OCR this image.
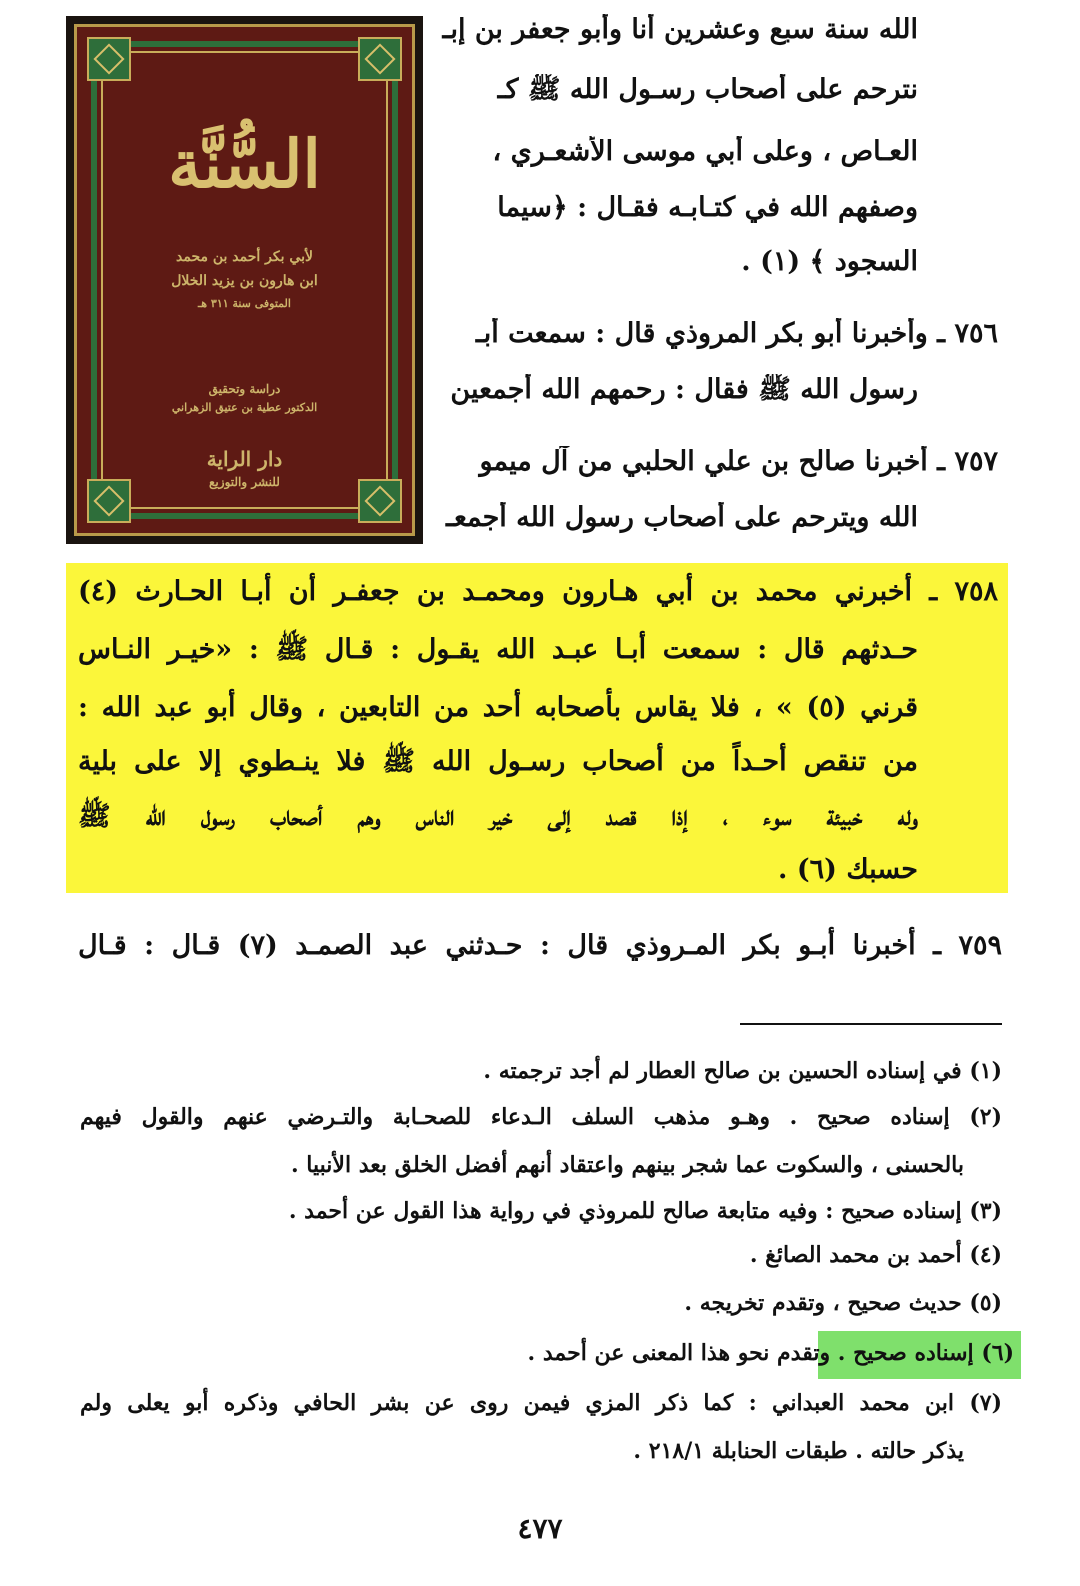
السُّنَّة
لأبي بكر أحمد بن محمد
ابن هارون بن يزيد الخلال
المتوفى سنة ٣١١ هـ
دراسة وتحقيق
الدكتور عطية بن عتيق الزهراني
دار الراية
للنشر والتوزيع
الله سنة سبع وعشرين أنا وأبو جعفر بن إبـ
نترحم على أصحاب رسـول الله ﷺ كـ
العـاص ، وعلى أبي موسى الأشعـري ،
وصفهم الله في كتـابـه فقـال : ﴿سيما
السجود ﴾ (١) .
٧٥٦ ـ وأخبرنا أبو بكر المروذي قال : سمعت أبـ
رسول الله ﷺ فقال : رحمهم الله أجمعين
٧٥٧ ـ أخبرنا صالح بن علي الحلبي من آل ميمو
الله ويترحم على أصحاب رسول الله أجمعـ
٧٥٨ ـ أخبرني محمد بن أبي هـارون ومحمـد بن جعفـر أن أبـا الحـارث (٤)
حـدثهم قال : سمعت أبـا عبـد الله يقـول : قـال ﷺ : «خيـر النـاس
قرني (٥) » ، فلا يقاس بأصحابه أحد من التابعين ، وقال أبو عبد الله :
من تنقص أحـداً من أصحاب رسـول الله ﷺ فلا ينـطوي إلا على بلية
وله خبيئة سوء ، إذا قصد إلى خير الناس وهم أصحاب رسول الله ﷺ
حسبك (٦) .
٧٥٩ ـ أخبرنا أبـو بكر المـروذي قال : حـدثني عبد الصمـد (٧) قـال : قـال
(١) في إسناده الحسين بن صالح العطار لم أجد ترجمته .
(٢) إسناده صحيح . وهـو مذهب السلف الـدعاء للصحـابة والتـرضي عنهم والقول فيهم
بالحسنى ، والسكوت عما شجر بينهم واعتقاد أنهم أفضل الخلق بعد الأنبيا .
(٣) إسناده صحيح : وفيه متابعة صالح للمروذي في رواية هذا القول عن أحمد .
(٤) أحمد بن محمد الصائغ .
(٥) حديث صحيح ، وتقدم تخريجه .
(٦) إسناده صحيح . وتقدم نحو هذا المعنى عن أحمد .
(٧) ابن محمد العبداني : كما ذكر المزي فيمن روى عن بشر الحافي وذكره أبو يعلى ولم
يذكر حالته . طبقات الحنابلة ٢١٨/١ .
٤٧٧
